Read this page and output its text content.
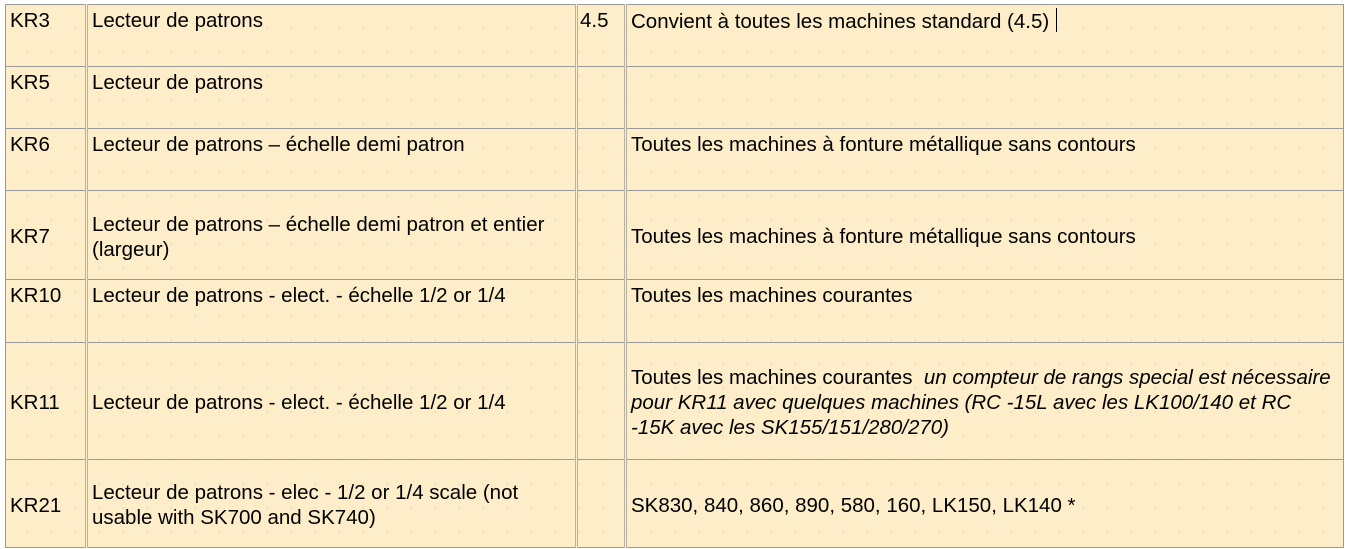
KR3	Lecteur de patrons	4.5	Convient à toutes les machines standard (4.5)
KR5	Lecteur de patrons		
KR6	Lecteur de patrons – échelle demi patron		Toutes les machines à fonture métallique sans contours
KR7	Lecteur de patrons – échelle demi patron et entier (largeur)		Toutes les machines à fonture métallique sans contours
KR10	Lecteur de patrons - elect. - échelle 1/2 or 1/4		Toutes les machines courantes
KR11	Lecteur de patrons - elect. - échelle 1/2 or 1/4		Toutes les machines courantes  un compteur de rangs special est nécessaire pour KR11 avec quelques machines (RC -15L avec les LK100/140 et RC -15K avec les SK155/151/280/270)
KR21	Lecteur de patrons - elec - 1/2 or 1/4 scale (not usable with SK700 and SK740)		SK830, 840, 860, 890, 580, 160, LK150, LK140 *
